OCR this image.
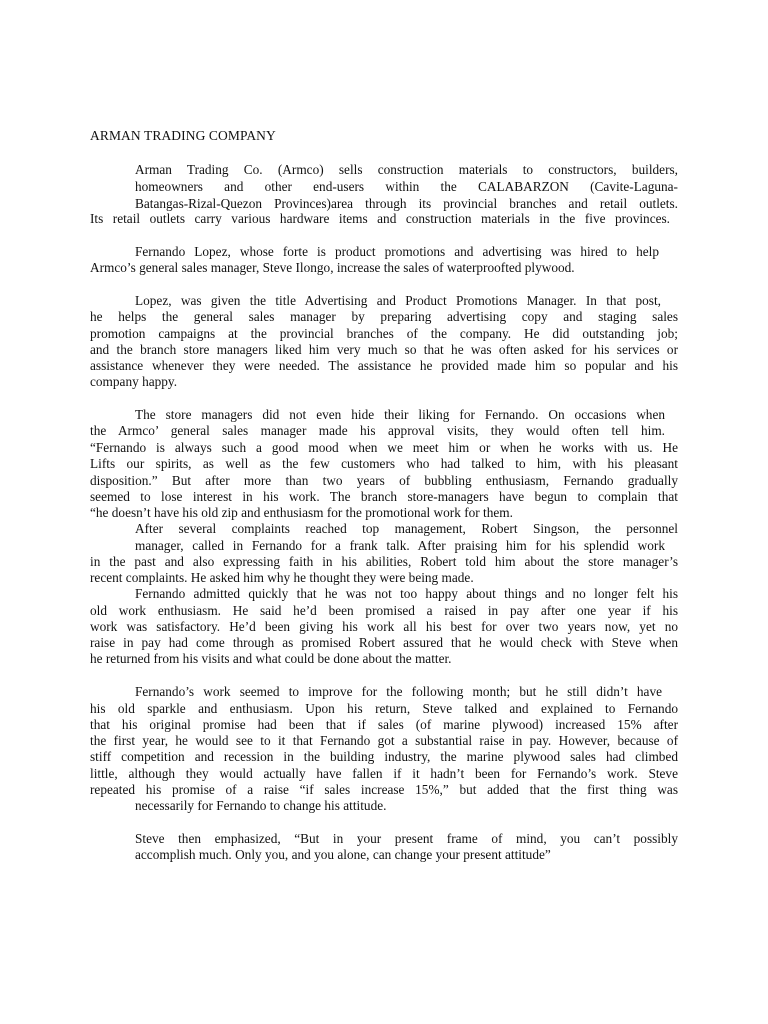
ARMAN TRADING COMPANY
Arman Trading Co. (Armco) sells construction materials to constructors, builders,
homeowners and other end-users within the CALABARZON (Cavite-Laguna-
Batangas-Rizal-Quezon Provinces)area through its provincial branches and retail outlets.
Its retail outlets carry various hardware items and construction materials in the five provinces.
Fernando Lopez, whose forte is product promotions and advertising was hired to help
Armco’s general sales manager, Steve Ilongo, increase the sales of waterproofted plywood.
Lopez, was given the title Advertising and Product Promotions Manager. In that post,
he helps the general sales manager by preparing advertising copy and staging sales
promotion campaigns at the provincial branches of the company. He did outstanding job;
and the branch store managers liked him very much so that he was often asked for his services or
assistance whenever they were needed. The assistance he provided made him so popular and his
company happy.
The store managers did not even hide their liking for Fernando. On occasions when
the Armco’ general sales manager made his approval visits, they would often tell him.
“Fernando is always such a good mood when we meet him or when he works with us. He
Lifts our spirits, as well as the few customers who had talked to him, with his pleasant
disposition.” But after more than two years of bubbling enthusiasm, Fernando gradually
seemed to lose interest in his work. The branch store-managers have begun to complain that
“he doesn’t have his old zip and enthusiasm for the promotional work for them.
After several complaints reached top management, Robert Singson, the personnel
manager, called in Fernando for a frank talk. After praising him for his splendid work
in the past and also expressing faith in his abilities, Robert told him about the store manager’s
recent complaints. He asked him why he thought they were being made.
Fernando admitted quickly that he was not too happy about things and no longer felt his
old work enthusiasm. He said he’d been promised a raised in pay after one year if his
work was satisfactory. He’d been giving his work all his best for over two years now, yet no
raise in pay had come through as promised Robert assured that he would check with Steve when
he returned from his visits and what could be done about the matter.
Fernando’s work seemed to improve for the following month; but he still didn’t have
his old sparkle and enthusiasm. Upon his return, Steve talked and explained to Fernando
that his original promise had been that if sales (of marine plywood) increased 15% after
the first year, he would see to it that Fernando got a substantial raise in pay. However, because of
stiff competition and recession in the building industry, the marine plywood sales had climbed
little, although they would actually have fallen if it hadn’t been for Fernando’s work. Steve
repeated his promise of a raise “if sales increase 15%,” but added that the first thing was
necessarily for Fernando to change his attitude.
Steve then emphasized, “But in your present frame of mind, you can’t possibly
accomplish much. Only you, and you alone, can change your present attitude”
